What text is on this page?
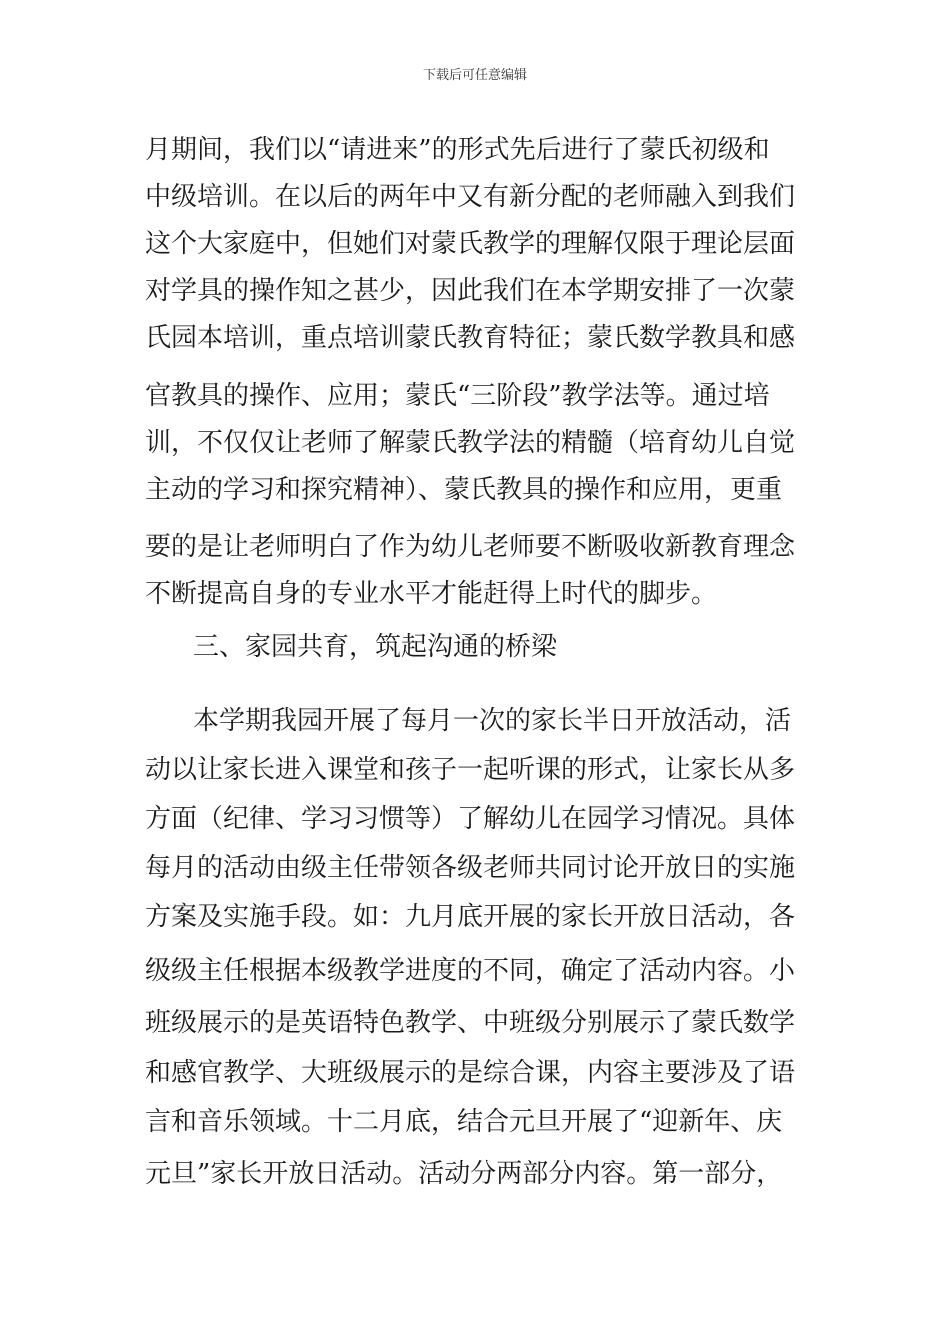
下载后可任意编辑
月期间，我们以“请进来”的形式先后进行了蒙氏初级和
中级培训。在以后的两年中又有新分配的老师融入到我们
这个大家庭中，但她们对蒙氏教学的理解仅限于理论层面
对学具的操作知之甚少，因此我们在本学期安排了一次蒙
氏园本培训，重点培训蒙氏教育特征；蒙氏数学教具和感
官教具的操作、应用；蒙氏“三阶段”教学法等。通过培
训，不仅仅让老师了解蒙氏教学法的精髓（培育幼儿自觉
主动的学习和探究精神）、蒙氏教具的操作和应用，更重
要的是让老师明白了作为幼儿老师要不断吸收新教育理念
不断提高自身的专业水平才能赶得上时代的脚步。
三、家园共育，筑起沟通的桥梁
本学期我园开展了每月一次的家长半日开放活动，活
动以让家长进入课堂和孩子一起听课的形式，让家长从多
方面（纪律、学习习惯等）了解幼儿在园学习情况。具体
每月的活动由级主任带领各级老师共同讨论开放日的实施
方案及实施手段。如：九月底开展的家长开放日活动，各
级级主任根据本级教学进度的不同，确定了活动内容。小
班级展示的是英语特色教学、中班级分别展示了蒙氏数学
和感官教学、大班级展示的是综合课，内容主要涉及了语
言和音乐领域。十二月底，结合元旦开展了“迎新年、庆
元旦”家长开放日活动。活动分两部分内容。第一部分，
